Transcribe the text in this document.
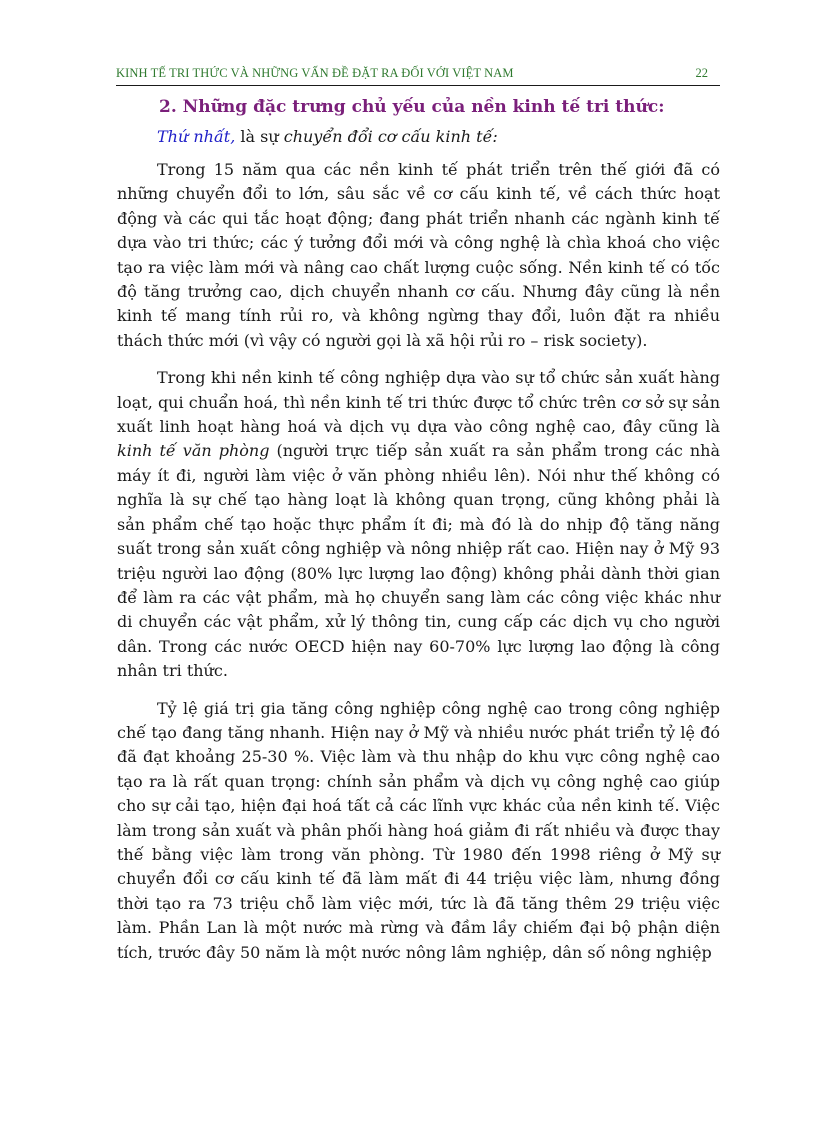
KINH TẾ TRI THỨC VÀ NHỮNG VẤN ĐỀ ĐẶT RA ĐỐI VỚI VIỆT NAM	22
2. Những đặc trưng chủ yếu của nền kinh tế tri thức:

Thứ nhất, là sự chuyển đổi cơ cấu kinh tế:

Trong 15 năm qua các nền kinh tế phát triển trên thế giới đã có những chuyển đổi to lớn, sâu sắc về cơ cấu kinh tế, về cách thức hoạt động và các qui tắc hoạt động; đang phát triển nhanh các ngành kinh tế dựa vào tri thức; các ý tưởng đổi mới và công nghệ là chìa khoá cho việc tạo ra việc làm mới và nâng cao chất lượng cuộc sống. Nền kinh tế có tốc độ tăng trưởng cao, dịch chuyển nhanh cơ cấu. Nhưng đây cũng là nền kinh tế mang tính rủi ro, và không ngừng thay đổi, luôn đặt ra nhiều thách thức mới (vì vậy có người gọi là xã hội rủi ro – risk society).

Trong khi nền kinh tế công nghiệp dựa vào sự tổ chức sản xuất hàng loạt, qui chuẩn hoá, thì nền kinh tế tri thức được tổ chức trên cơ sở sự sản xuất linh hoạt hàng hoá và dịch vụ dựa vào công nghệ cao, đây cũng là kinh tế văn phòng (người trực tiếp sản xuất ra sản phẩm trong các nhà máy ít đi, người làm việc ở văn phòng nhiều lên). Nói như thế không có nghĩa là sự chế tạo hàng loạt là không quan trọng, cũng không phải là sản phẩm chế tạo hoặc thực phẩm ít đi; mà đó là do nhịp độ tăng năng suất trong sản xuất công nghiệp và nông nhiệp rất cao. Hiện nay ở Mỹ 93 triệu người lao động (80% lực lượng lao động) không phải dành thời gian để làm ra các vật phẩm, mà họ chuyển sang làm các công việc khác như di chuyển các vật phẩm, xử lý thông tin, cung cấp các dịch vụ cho người dân. Trong các nước OECD hiện nay 60-70% lực lượng lao động là công nhân tri thức.

Tỷ lệ giá trị gia tăng công nghiệp công nghệ cao trong công nghiệp chế tạo đang tăng nhanh. Hiện nay ở Mỹ và nhiều nước phát triển tỷ lệ đó đã đạt khoảng 25-30 %. Việc làm và thu nhập do khu vực công nghệ cao tạo ra là rất quan trọng: chính sản phẩm và dịch vụ công nghệ cao giúp cho sự cải tạo, hiện đại hoá tất cả các lĩnh vực khác của nền kinh tế. Việc làm trong sản xuất và phân phối hàng hoá giảm đi rất nhiều và được thay thế bằng việc làm trong văn phòng. Từ 1980 đến 1998 riêng ở Mỹ sự chuyển đổi cơ cấu kinh tế đã làm mất đi 44 triệu việc làm, nhưng đồng thời tạo ra 73 triệu chỗ làm việc mới, tức là đã tăng thêm 29 triệu việc làm. Phần Lan là một nước mà rừng và đầm lầy chiếm đại bộ phận diện tích, trước đây 50 năm là một nước nông lâm nghiệp, dân số nông nghiệp
